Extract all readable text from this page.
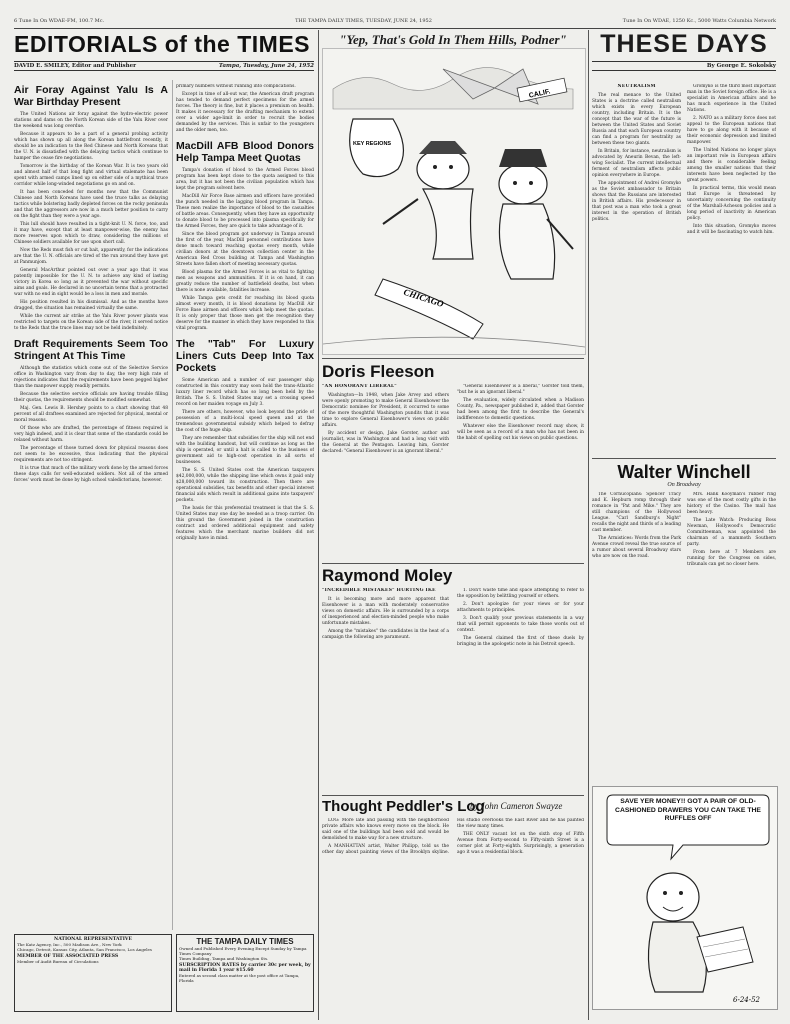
6 Tune In On WDAE-FM, 100.7 Mc.	THE TAMPA DAILY TIMES, TUESDAY, JUNE 24, 1952	Tune In On WDAE, 1250 Kc., 5000 Watts Columbia Network
EDITORIALS of the TIMES
DAVID E. SMILEY, Editor and Publisher	Tampa, Tuesday, June 24, 1952
THESE DAYS
By George E. Sokolsky
"Yep, That's Gold In Them Hills, Podner"
CALIF.
KEY REGIONS
CHICAGO
Air Foray Against Yalu Is A War Birthday Present

The United Nations air foray against the hydro-electric power stations and dams on the North Korean side of the Yalu River over the weekend was long overdue.

Because it appears to be a part of a general probing activity which has shown up all along the Korean battlefront recently, it should be an indication to the Red Chinese and North Koreans that the U. N. is dissatisfied with the delaying tactics which continue to hamper the cease fire negotiations.

Tomorrow is the birthday of the Korean War. It is two years old and almost half of that long fight and virtual stalemate has been spent with armed camps lined up on either side of a mythical truce corridor while long-winded negotiations go on and on.

It has been conceded for months now that the Communist Chinese and North Koreans have used the truce talks as delaying tactics while bolstering badly depleted forces on the rocky peninsula and that the aggressors are now in a much better position to carry on the fight than they were a year ago.

This lull should have resulted in a tight-knit U. N. force, too, and it may have, except that at least manpower-wise, the enemy has more reserves upon which to draw, considering the millions of Chinese soldiers available for use upon short call.

Now the Reds must fish or cut bait, apparently, for the indications are that the U. N. officials are tired of the run around they have got at Panmunjom.

General MacArthur pointed out over a year ago that it was patently impossible for the U. N. to achieve any kind of lasting victory in Korea so long as it prevented the war without specific aims and goals. He declared in no uncertain terms that a protracted war with no end in sight would be a loss in men and morale.

His position resulted in his dismissal. And as the months have dragged, the situation has remained virtually the same.

While the current air strike at the Yalu River power plants was restricted to targets on the Korean side of the river, it served notice to the Reds that the truce lines may not be held indefinitely.

Draft Requirements Seem Too Stringent At This Time

Although the statistics which come out of the Selective Service office in Washington vary from day to day, the very high rate of rejections indicates that the requirements have been pegged higher than the manpower supply readily permits.

Because the selective service officials are having trouble filling their quotas, the requirements should be modified somewhat.

Maj. Gen. Lewis B. Hershey points to a chart showing that 48 percent of all draftees examined are rejected for physical, mental or moral reasons.

Of those who are drafted, the percentage of fitness required is very high indeed, and it is clear that some of the standards could be relaxed without harm.

The percentage of those turned down for physical reasons does not seem to be excessive, thus indicating that the physical requirements are not too stringent.

It is true that much of the military work done by the armed forces these days calls for well-educated soldiers. Not all of the armed forces' work must be done by high school valedictorians, however.

primary numbers without running into complications.

Except in time of all-out war, the American draft program has tended to demand perfect specimens for the armed forces. The theory is fine, but it places a premium on health. It makes it necessary for the drafting mechanism to extend over a wider age-limit in order to recruit the bodies demanded by the services. This is unfair to the youngsters and the older men, too.

MacDill AFB Blood Donors Help Tampa Meet Quotas

Tampa's donation of blood to the Armed Forces blood program has been kept close to the quota assigned to this area, but it has not been the civilian population which has kept the program solvent here.

MacDill Air Force Base airmen and officers have provided the punch needed in the lagging blood program in Tampa. These men realize the importance of blood to the casualties of battle areas. Consequently, when they have an opportunity to donate blood to be processed into plasma specifically for the Armed Forces, they are quick to take advantage of it.

Since the blood program got underway in Tampa around the first of the year, MacDill personnel contributions have done much toward reaching quotas every month, while civilian donors at the downtown collection center in the American Red Cross building at Tampa and Washington Streets have fallen short of meeting necessary quotas.

Blood plasma for the Armed Forces is as vital to fighting men as weapons and ammunition. If it is on hand, it can greatly reduce the number of battlefield deaths, but when there is none available, fatalities increase.

While Tampa gets credit for reaching its blood quota almost every month, it is blood donations by MacDill Air Force Base airmen and officers which help meet the quotas. It is only proper that those men get the recognition they deserve for the manner in which they have responded to this vital program.

The "Tab" For Luxury Liners Cuts Deep Into Tax Pockets

Some American and a number of our passenger ship constructed in this country may soon hold the trans-Atlantic luxury liner record which has so long been held by the British. The S. S. United States may set a crossing speed record on her maiden voyage on July 3.

There are others, however, who look beyond the pride of possession of a multi-local speed queen and at the tremendous governmental subsidy which helped to defray the cost of the huge ship.

They are remember that subsidies for the ship will not end with the building handout, but will continue as long as the ship is operated, or until a halt is called to the business of government aid to high-cost operation in all sorts of businesses.

The S. S. United States cost the American taxpayers $42,000,000, while the shipping line which owns it paid only $28,000,000 toward its construction. Then there are operational subsidies, tax benefits and other special interest financial aids which result in additional gains into taxpayers' pockets.

The basis for this preferential treatment is that the S. S. United States may one day be needed as a troop carrier. On this ground the Government joined in the construction contract and ordered additional equipment and safety features which the merchant marine builders did not originally have in mind.

NATIONAL REPRESENTATIVE
The Katz Agency, Inc., 500 Madison Ave., New York
Chicago, Detroit, Kansas City, Atlanta, San Francisco, Los Angeles
MEMBER OF THE ASSOCIATED PRESS
Member of Audit Bureau of Circulations
THE TAMPA DAILY TIMES
Owned and Published Every Evening Except Sunday by Tampa Times Company
Times Building, Tampa and Washington Sts.
SUBSCRIPTION RATES by carrier 30c per week, by mail in Florida 1 year $15.60
Entered as second class matter at the post office at Tampa, Florida
Doris Fleeson
"AN HONORANT LIBERAL"

Washington—In 1948, when Jake Arvey and others were openly promoting to make General Eisenhower the Democratic nominee for President, it occurred to some of the more thoughtful Washington pundits that it was time to explore General Eisenhower's views on public affairs.

By accident or design, Jake Gorster, author and journalist, was in Washington and had a long visit with the General at the Pentagon. Leaving him, Gorster declared: "General Eisenhower is an ignorant liberal."

"General Eisenhower is a liberal," Gorster told them, "but he is an ignorant liberal."

The evaluation, widely circulated when a Madison County, Pa., newspaper published it, added that Gorster had been among the first to describe the General's indifference to domestic questions.

Whatever else the Eisenhower record may show, it will be seen as a record of a man who has not been in the habit of spelling out his views on public questions.

Raymond Moley
"INCREDIBLE MISTAKES" HURTING IKE

It is becoming more and more apparent that Eisenhower is a man with moderately conservative views on domestic affairs. He is surrounded by a corps of inexperienced and election-minded people who make unfortunate mistakes.

Among the "mistakes" the candidates in the heat of a campaign the following are paramount.

1. Don't waste time and space attempting to refer to the opposition by belittling yourself or others.

2. Don't apologize for your views or for your attachments to principles.

3. Don't qualify your previous statements in a way that will permit opponents to take those words out of context.

The General claimed the first of these duels by bringing in the apologetic note in his Detroit speech.

Thought Peddler's Log
by John Cameron Swayze

LOG: More late and passing with the neighborhood private affairs who knows every move on the block. He said one of the buildings had been sold and would be demolished to make way for a new structure.

A MANHATTAN artist, Walter Philipp, told us the other day about painting views of the Brooklyn skyline. His studio overlooks the East River and he has painted the view many times.

THE ONLY vacant lot on the sixth stop of Fifth Avenue from Forty-second to Fifty-ninth Street is a corner plot at Forty-eighth. Surprisingly, a generation ago it was a residential block.

NEUTRALISM

The real menace to the United States is a doctrine called neutralism which exists in every European country, including Britain. It is the concept that the war of the future is between the United States and Soviet Russia and that each European country can find a program for neutrality as between these two giants.

In Britain, for instance, neutralism is advocated by Aneurin Bevan, the left-wing Socialist. The current intellectual ferment of neutralism affects public opinion everywhere in Europe.

The appointment of Andrei Gromyko as the Soviet ambassador to Britain shows that the Russians are interested in British affairs. His predecessor in that post was a man who took a great interest in the operation of British politics.

Gromyko is the third most important man in the Soviet foreign office. He is a specialist in American affairs and he has much experience in the United Nations.

2. NATO as a military force does not appeal to the European nations that have to go along with it because of their economic depression and limited manpower.

The United Nations no longer plays an important role in European affairs and there is considerable feeling among the smaller nations that their interests have been neglected by the great powers.

In practical terms, this would mean that Europe is threatened by uncertainty concerning the continuity of the Marshall-Acheson policies and a long period of inactivity in American policy.

Into this situation, Gromyko moves and it will be fascinating to watch him.

Walter Winchell
On Broadway

The Cornucopians: Spencer Tracy and K. Hepburn romp through their romance in "Pat and Mike." They are still champions of the Hollywood League. "Carl Sandburg's Night" recalls the night and thirds of a leading cast member.

The Armistices: Words from the Park Avenue crowd reveal the true source of a rumor about several Broadway stars who are now on the road.

Mrs. Hank Kooyman's rubber ring was one of the most costly gifts in the history of the Casino. The mail has been heavy.

The Late Watch: Producing Boss Newman, Hollywood's Democratic Committeeman, was appointed the chairman of a mammoth Southern party.

From here at 7 Members are running for the Congress on sides, tribunals can get no closer here.

SAVE YER MONEY!! GOT A PAIR OF OLD-CASHIONED DRAWERS YOU CAN TAKE THE RUFFLES OFF
6-24-52
